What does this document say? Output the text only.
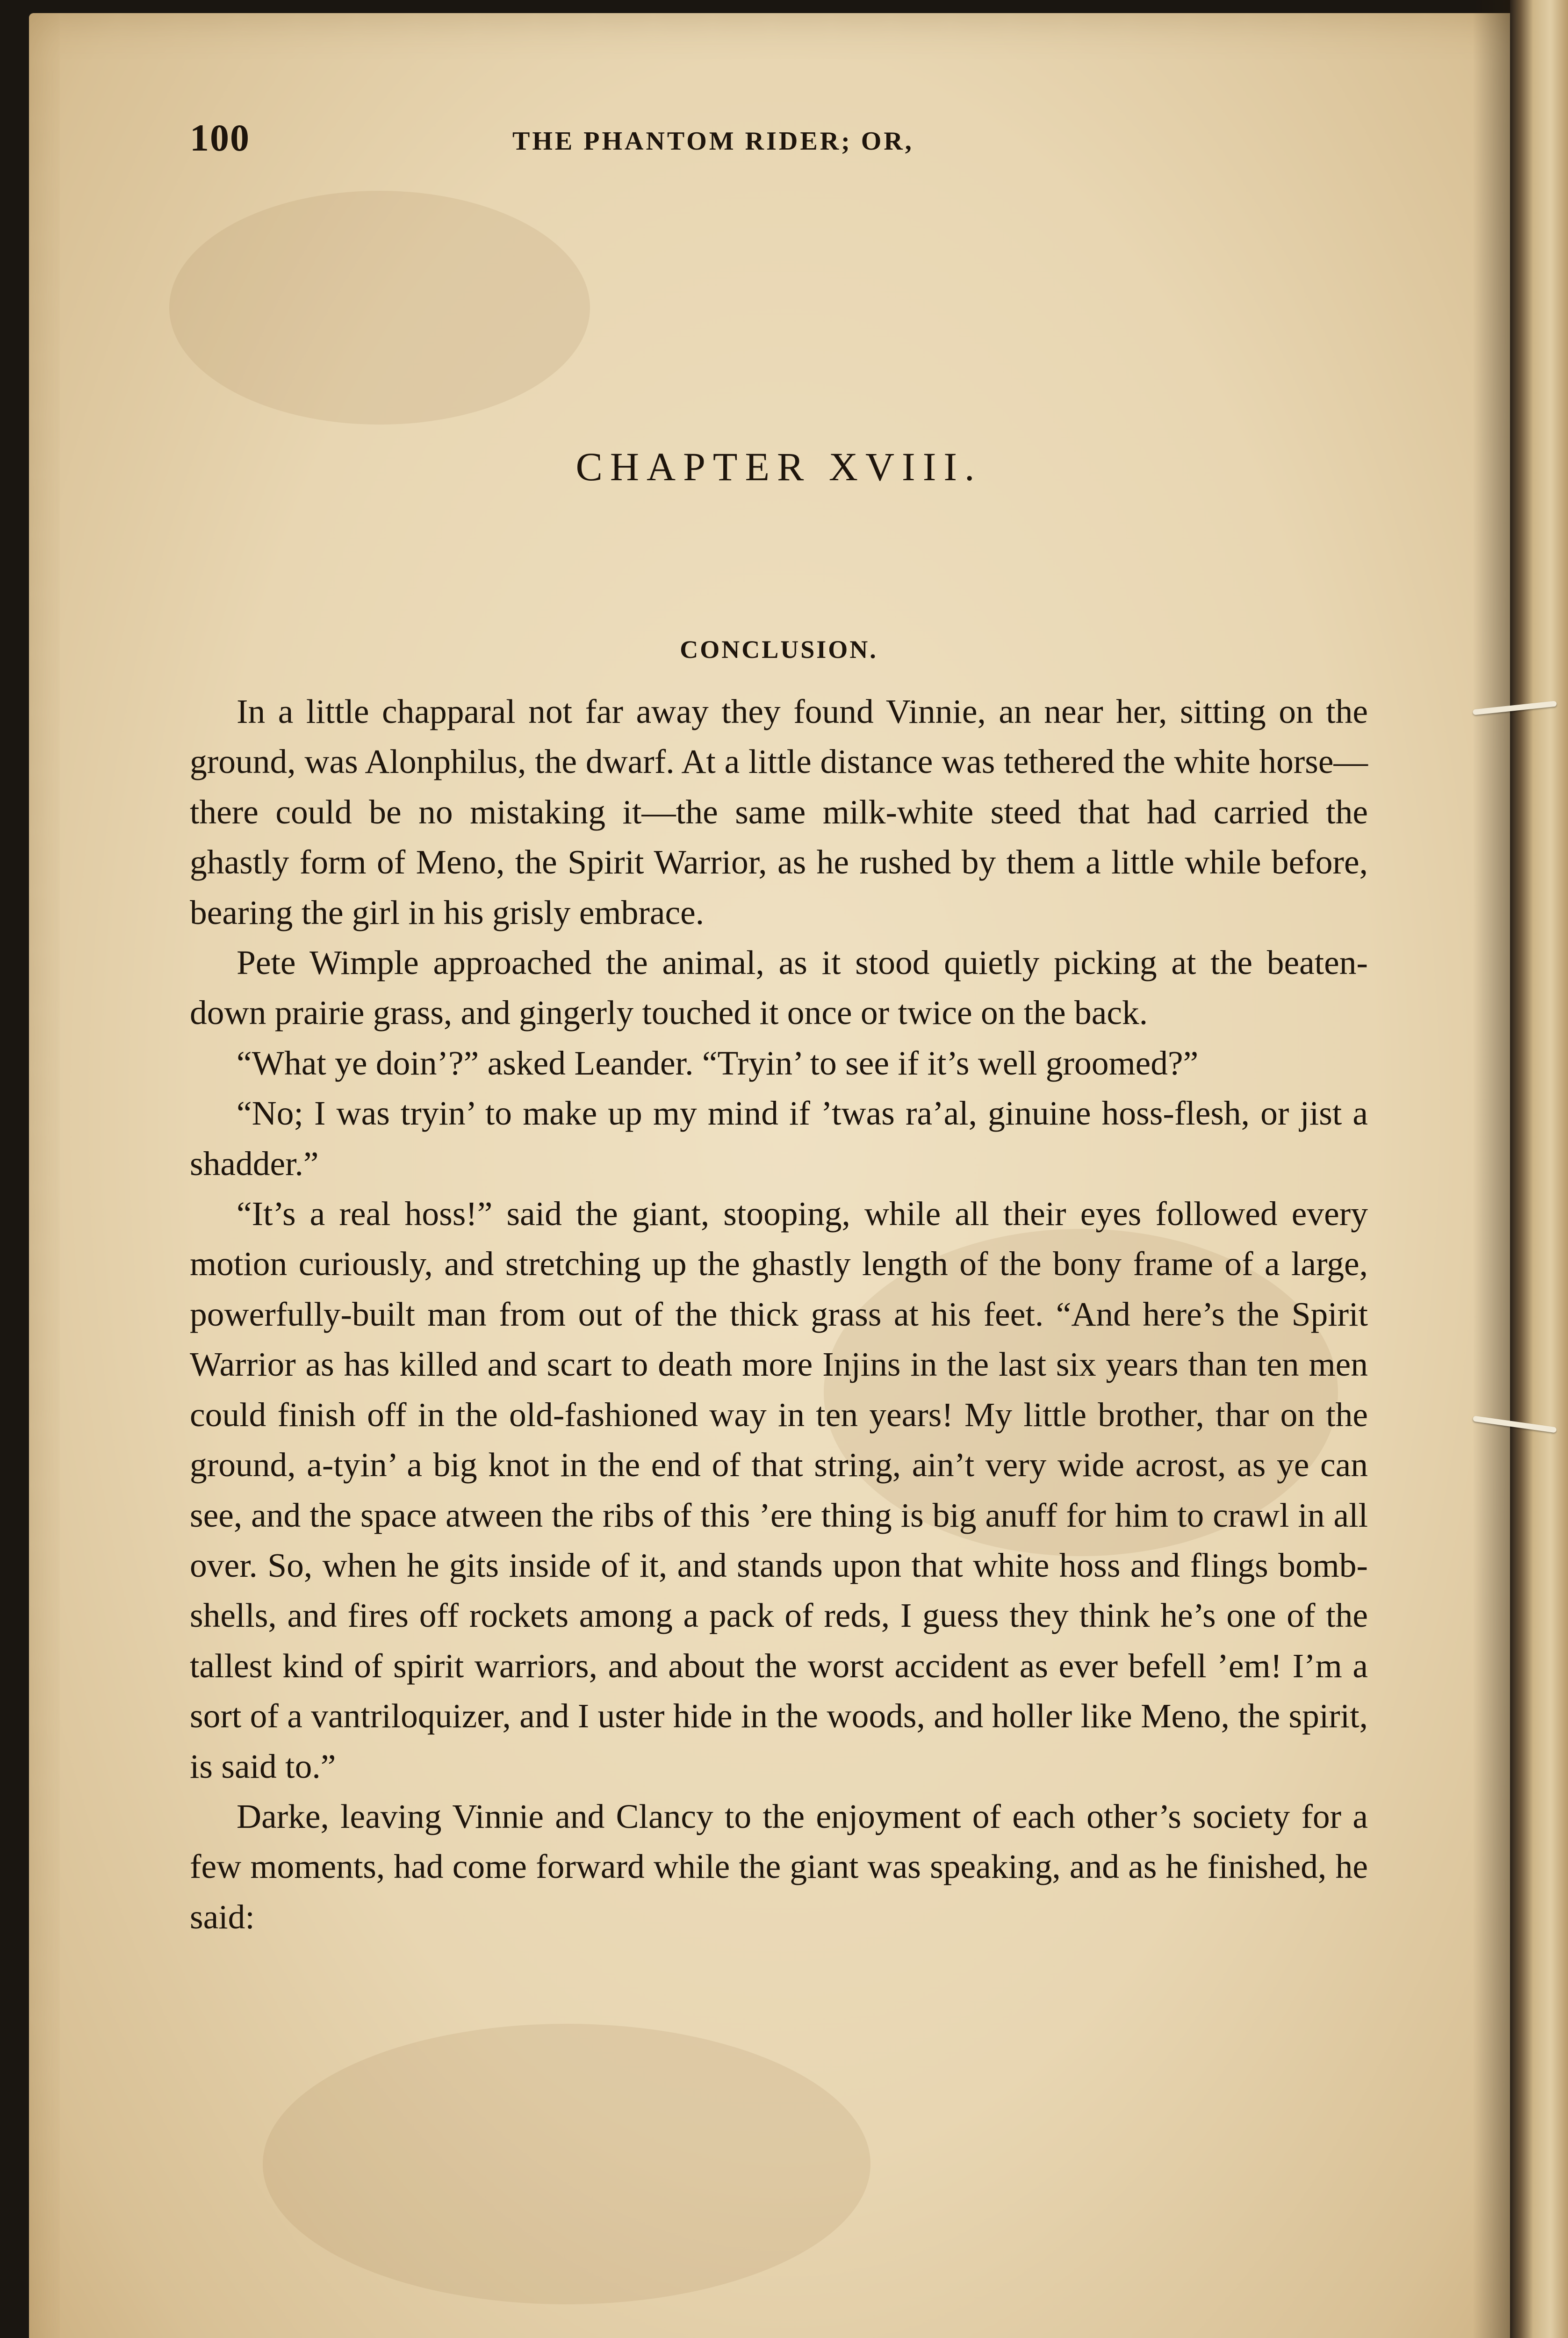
100	THE PHANTOM RIDER; OR,
CHAPTER XVIII.
CONCLUSION.

In a little chapparal not far away they found Vinnie, an near her, sitting on the ground, was Alonphilus, the dwarf. At a little distance was tethered the white horse—there could be no mistaking it—the same milk-white steed that had carried the ghastly form of Meno, the Spirit Warrior, as he rushed by them a little while before, bearing the girl in his grisly embrace.

Pete Wimple approached the animal, as it stood quietly picking at the beaten-down prairie grass, and gingerly touched it once or twice on the back.

“What ye doin’?” asked Leander. “Tryin’ to see if it’s well groomed?”

“No; I was tryin’ to make up my mind if ’twas ra’al, ginuine hoss-flesh, or jist a shadder.”

“It’s a real hoss!” said the giant, stooping, while all their eyes followed every motion curiously, and stretching up the ghastly length of the bony frame of a large, powerfully-built man from out of the thick grass at his feet. “And here’s the Spirit Warrior as has killed and scart to death more Injins in the last six years than ten men could finish off in the old-fashioned way in ten years! My little brother, thar on the ground, a-tyin’ a big knot in the end of that string, ain’t very wide acrost, as ye can see, and the space atween the ribs of this ’ere thing is big anuff for him to crawl in all over. So, when he gits inside of it, and stands upon that white hoss and flings bomb-shells, and fires off rockets among a pack of reds, I guess they think he’s one of the tallest kind of spirit warriors, and about the worst accident as ever befell ’em! I’m a sort of a vantriloquizer, and I uster hide in the woods, and holler like Meno, the spirit, is said to.”

Darke, leaving Vinnie and Clancy to the enjoyment of each other’s society for a few moments, had come forward while the giant was speaking, and as he finished, he said:
